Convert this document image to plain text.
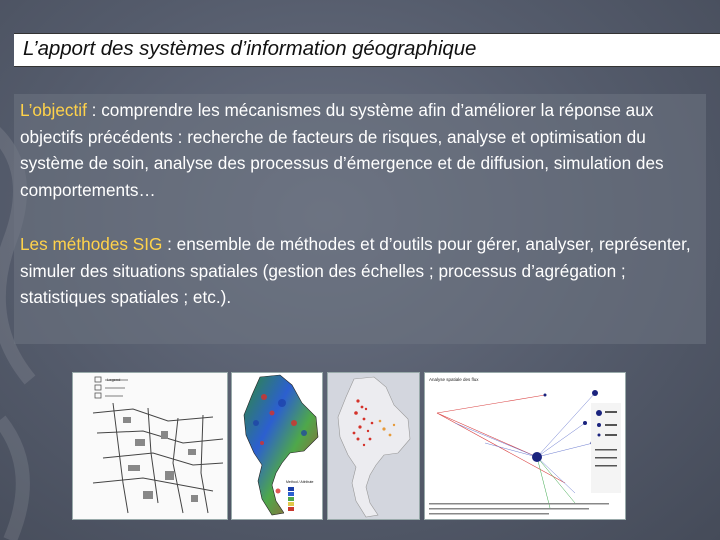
L’apport des systèmes d’information géographique
L’objectif : comprendre les mécanismes du système afin d’améliorer la réponse aux objectifs précédents : recherche de facteurs de risques, analyse et optimisation du système de soin, analyse des processus d’émergence et de diffusion, simulation des comportements…
Les méthodes SIG : ensemble de méthodes et d’outils pour gérer, analyser, représenter, simuler des situations spatiales (gestion des échelles ; processus d’agrégation ; statistiques spatiales ; etc.).
Legend
Method / Attribute
Analyse spatiale des flux
